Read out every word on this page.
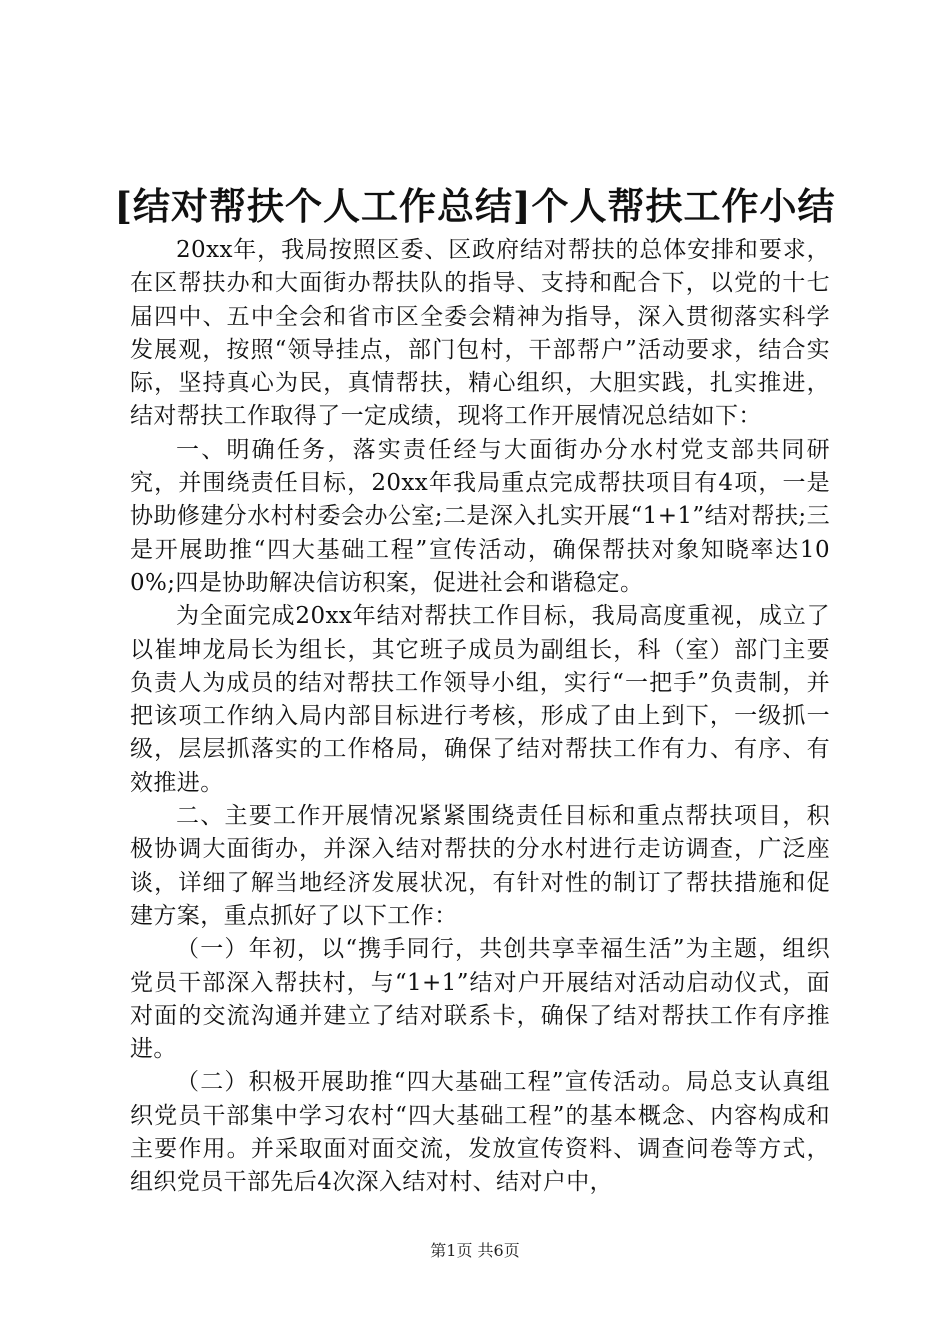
[结对帮扶个人工作总结]个人帮扶工作小结

20xx年，我局按照区委、区政府结对帮扶的总体安排和要求，在区帮扶办和大面街办帮扶队的指导、支持和配合下，以党的十七届四中、五中全会和省市区全委会精神为指导，深入贯彻落实科学发展观，按照“领导挂点，部门包村，干部帮户”活动要求，结合实际，坚持真心为民，真情帮扶，精心组织，大胆实践，扎实推进，结对帮扶工作取得了一定成绩，现将工作开展情况总结如下：

一、明确任务，落实责任经与大面街办分水村党支部共同研究，并围绕责任目标，20xx年我局重点完成帮扶项目有4项，一是协助修建分水村村委会办公室;二是深入扎实开展“1+1”结对帮扶;三是开展助推“四大基础工程”宣传活动，确保帮扶对象知晓率达100%;四是协助解决信访积案，促进社会和谐稳定。

为全面完成20xx年结对帮扶工作目标，我局高度重视，成立了以崔坤龙局长为组长，其它班子成员为副组长，科（室）部门主要负责人为成员的结对帮扶工作领导小组，实行“一把手”负责制，并把该项工作纳入局内部目标进行考核，形成了由上到下，一级抓一级，层层抓落实的工作格局，确保了结对帮扶工作有力、有序、有效推进。

二、主要工作开展情况紧紧围绕责任目标和重点帮扶项目，积极协调大面街办，并深入结对帮扶的分水村进行走访调查，广泛座谈，详细了解当地经济发展状况，有针对性的制订了帮扶措施和促建方案，重点抓好了以下工作：

（一）年初，以“携手同行，共创共享幸福生活”为主题，组织党员干部深入帮扶村，与“1+1”结对户开展结对活动启动仪式，面对面的交流沟通并建立了结对联系卡，确保了结对帮扶工作有序推进。

（二）积极开展助推“四大基础工程”宣传活动。局总支认真组织党员干部集中学习农村“四大基础工程”的基本概念、内容构成和主要作用。并采取面对面交流，发放宣传资料、调查问卷等方式，组织党员干部先后4次深入结对村、结对户中，

第1页 共6页
